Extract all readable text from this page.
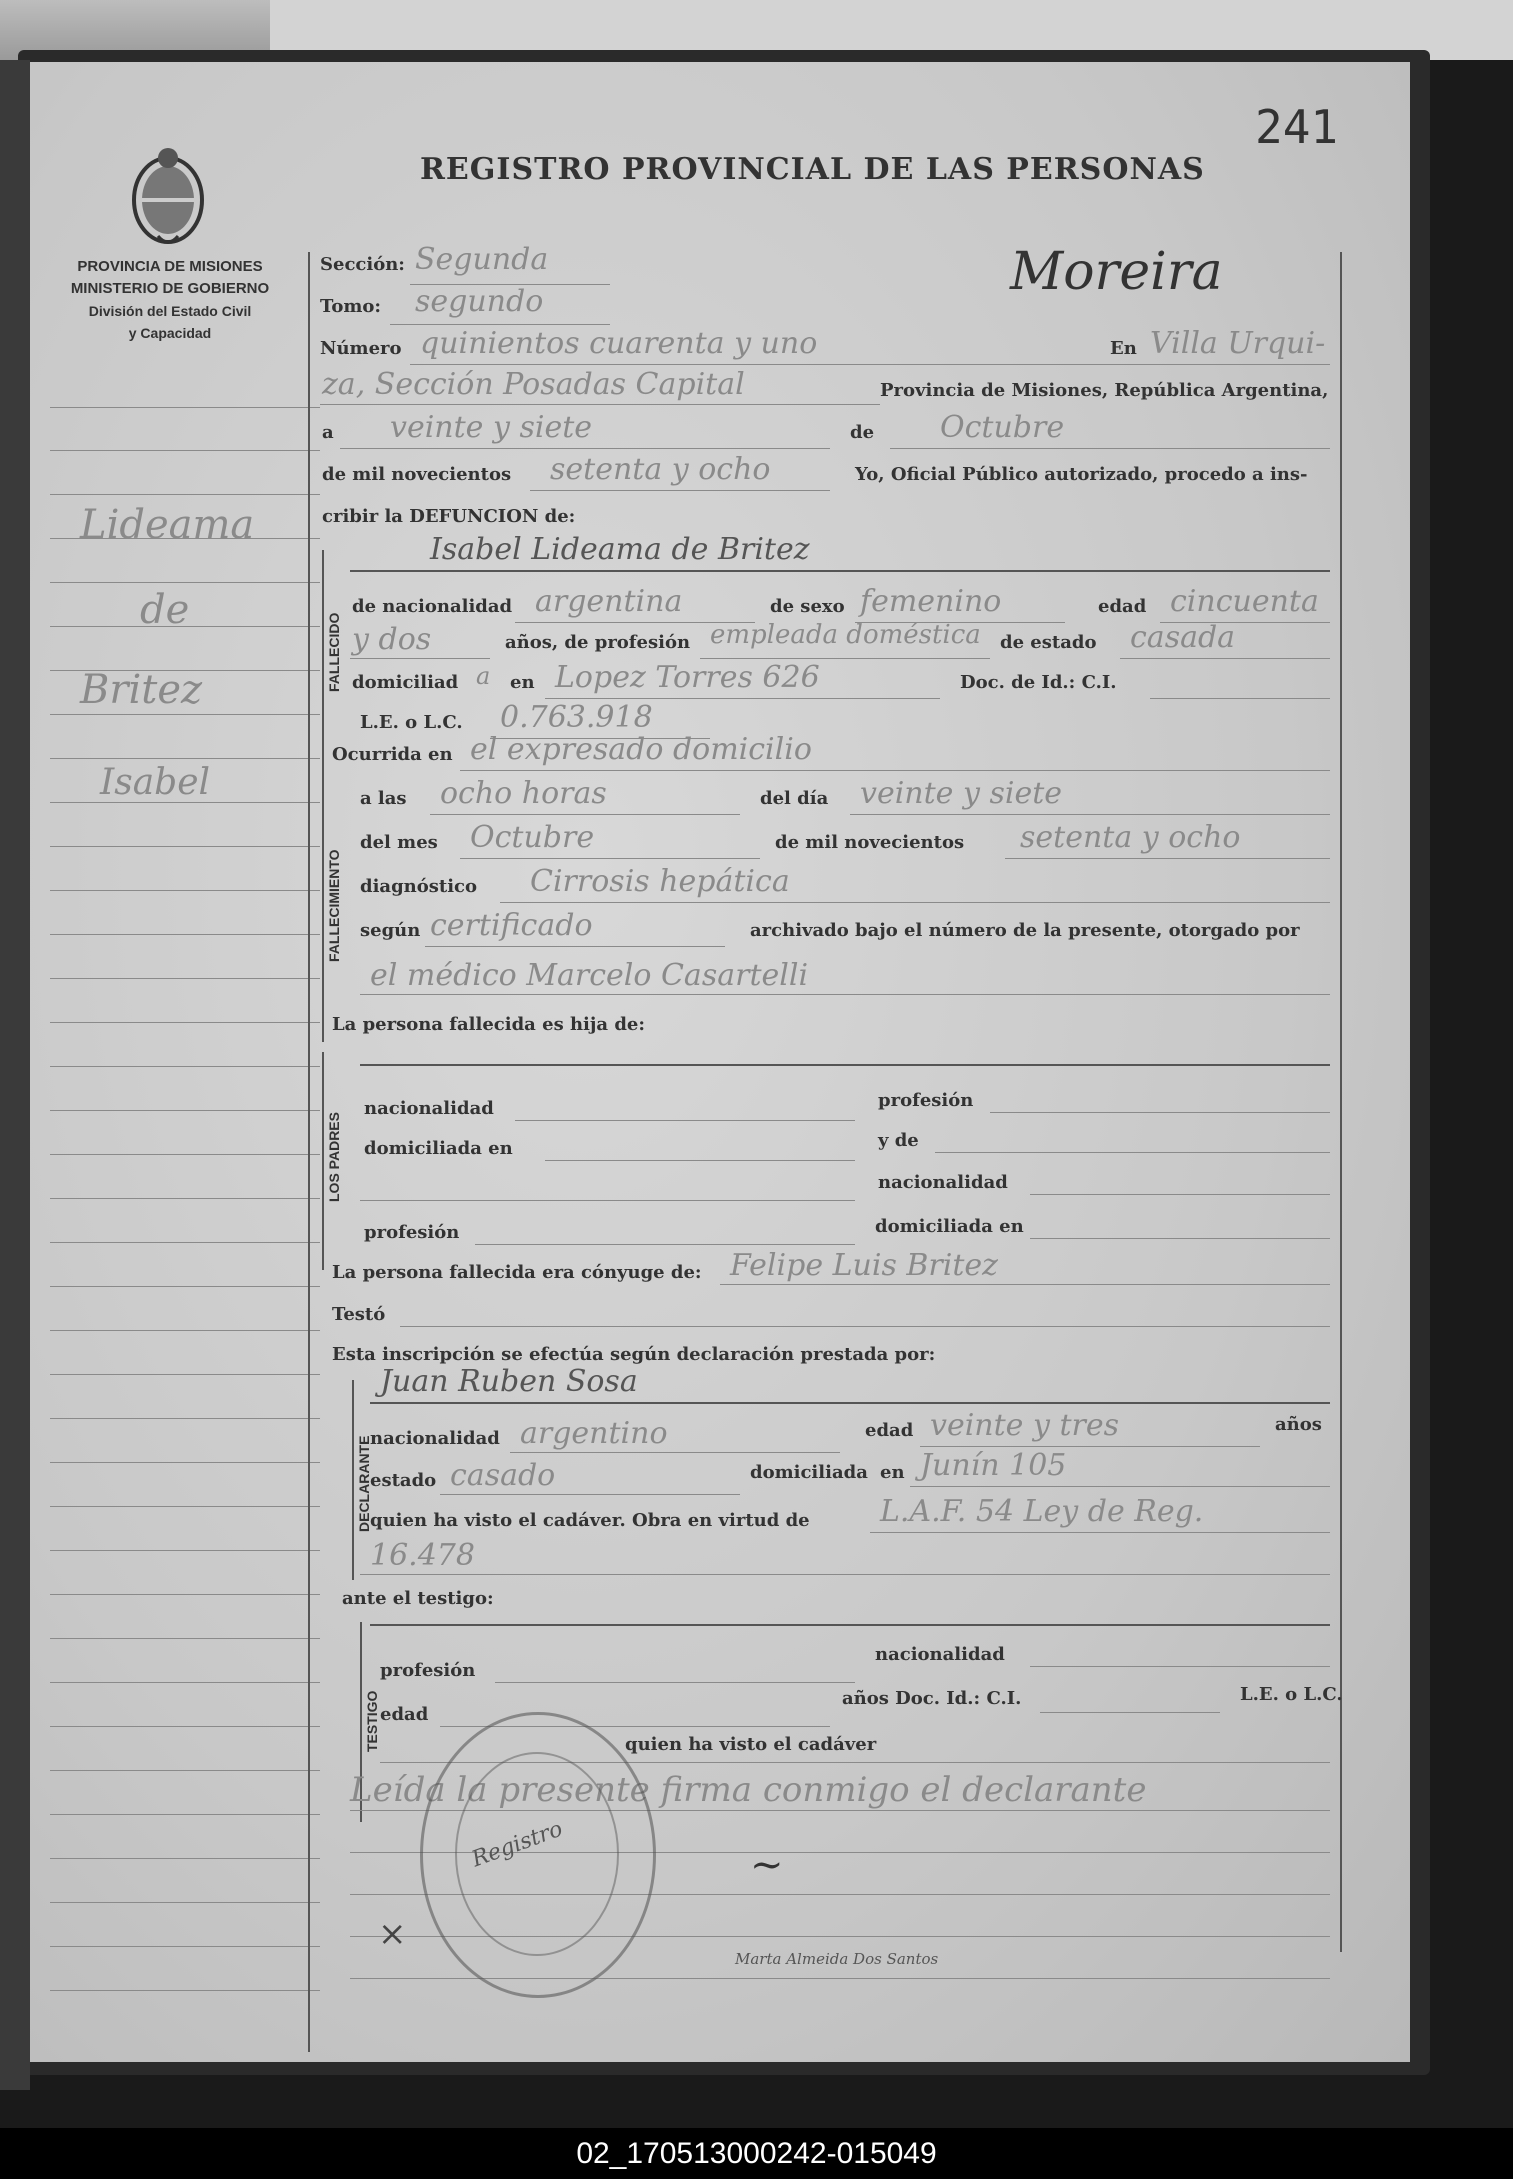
241
REGISTRO PROVINCIAL DE LAS PERSONAS
PROVINCIA DE MISIONES
MINISTERIO DE GOBIERNO
División del Estado Civil
y Capacidad
Lideama
de
Britez
Isabel
Sección: Segunda
Tomo: segundo	Moreira
Número quinientos cuarenta y uno	En Villa Urqui-
za, Sección Posadas Capital	Provincia de Misiones, República Argentina,
a veinte y siete	de Octubre
de mil novecientos setenta y ocho	Yo, Oficial Público autorizado, procedo a ins-
cribir la DEFUNCION de:
FALLECIDO
Isabel Lideama de Britez
de nacionalidad argentina	de sexo femenino	edad cincuenta
y dos	años, de profesión empleada doméstica de estado casada
domiciliad a en Lopez Torres 626	Doc. de Id.: C.I.
L.E. o L.C. 0.763.918
Ocurrida en el expresado domicilio
FALLECIMIENTO
a las ocho horas	del día veinte y siete
del mes Octubre	de mil novecientos setenta y ocho
diagnóstico Cirrosis hepática
según certificado	archivado bajo el número de la presente, otorgado por
el médico Marcelo Casartelli
La persona fallecida es hija de:
LOS PADRES
nacionalidad	profesión
domiciliada en	y de
nacionalidad
profesión	domiciliada en
La persona fallecida era cónyuge de: Felipe Luis Britez
Testó
Esta inscripción se efectúa según declaración prestada por:
DECLARANTE
Juan Ruben Sosa
nacionalidad argentino	edad veinte y tres	años
estado casado	domiciliada en Junín 105
quien ha visto el cadáver. Obra en virtud de L.A.F. 54 Ley de Reg.
16.478
ante el testigo:
TESTIGO
profesión
nacionalidad
edad
años Doc. Id.: C.I.	L.E. o L.C.
quien ha visto el cadáver
Leída la presente firma conmigo el declarante
Registro
×
~
Marta Almeida Dos Santos
02_170513000242-015049
